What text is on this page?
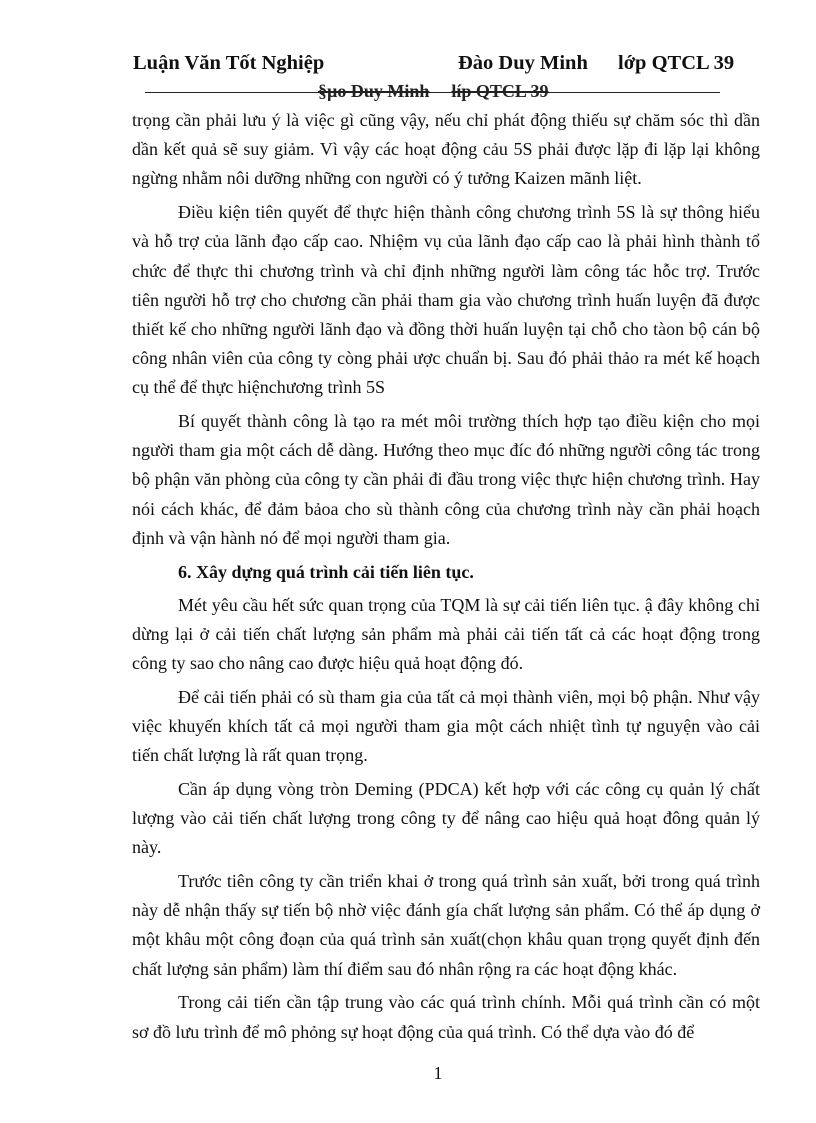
Luận Văn Tốt Nghiệp	Đào Duy Minh lớp QTCL 39
§µo Duy Minh líp QTCL 39

trọng cần phải lưu ý là việc gì cũng vậy, nếu chỉ phát động thiếu sự chăm sóc thì dần dần kết quả sẽ suy giảm. Vì vậy các hoạt động cảu 5S phải được lặp đi lặp lại không ngừng nhằm nôi dưỡng những con người có ý tưởng Kaizen mãnh liệt.

Điều kiện tiên quyết để thực hiện thành công chương trình 5S là sự thông hiểu và hỗ trợ của lãnh đạo cấp cao. Nhiệm vụ của lãnh đạo cấp cao là phải hình thành tổ chức để thực thi chương trình và chỉ định những người làm công tác hỗc trợ. Trước tiên người hỗ trợ cho chương cần phải tham gia vào chương trình huấn luyện đã được thiết kế cho những người lãnh đạo và đồng thời huấn luyện tại chỗ cho tàon bộ cán bộ công nhân viên của công ty còng phải ược chuẩn bị. Sau đó phải thảo ra mét kế hoạch cụ thể để thực hiệnchương trình 5S

Bí quyết thành công là tạo ra mét môi trường thích hợp tạo điều kiện cho mọi người tham gia một cách dễ dàng. Hướng theo mục đíc đó những người công tác trong bộ phận văn phòng của công ty cần phải đi đầu trong việc thực hiện chương trình. Hay nói cách khác, để đảm bảoa cho sù thành công của chương trình này cần phải hoạch định và vận hành nó để mọi người tham gia.

6. Xây dựng quá trình cải tiến liên tục.

Mét yêu cầu hết sức quan trọng của TQM là sự cải tiến liên tục. ậ đây không chỉ dừng lại ở cải tiến chất lượng sản phẩm mà phải cải tiến tất cả các hoạt động trong công ty sao cho nâng cao được hiệu quả hoạt động đó.

Để cải tiến phải có sù tham gia của tất cả mọi thành viên, mọi bộ phận. Như vậy việc khuyến khích tất cả mọi người tham gia một cách nhiệt tình tự nguyện vào cải tiến chất lượng là rất quan trọng.

Cần áp dụng vòng tròn Deming (PDCA) kết hợp với các công cụ quản lý chất lượng vào cải tiến chất lượng trong công ty để nâng cao hiệu quả hoạt đông quản lý này.

Trước tiên công ty cần triển khai ở trong quá trình sản xuất, bởi trong quá trình này dễ nhận thấy sự tiến bộ nhờ việc đánh gía chất lượng sản phẩm. Có thể áp dụng ở một khâu một công đoạn của quá trình sản xuất(chọn khâu quan trọng quyết định đến chất lượng sản phẩm) làm thí điểm sau đó nhân rộng ra các hoạt động khác.

Trong cải tiến cần tập trung vào các quá trình chính. Mỗi quá trình cần có một sơ đồ lưu trình để mô phỏng sự hoạt động của quá trình. Có thể dựa vào đó để

1
